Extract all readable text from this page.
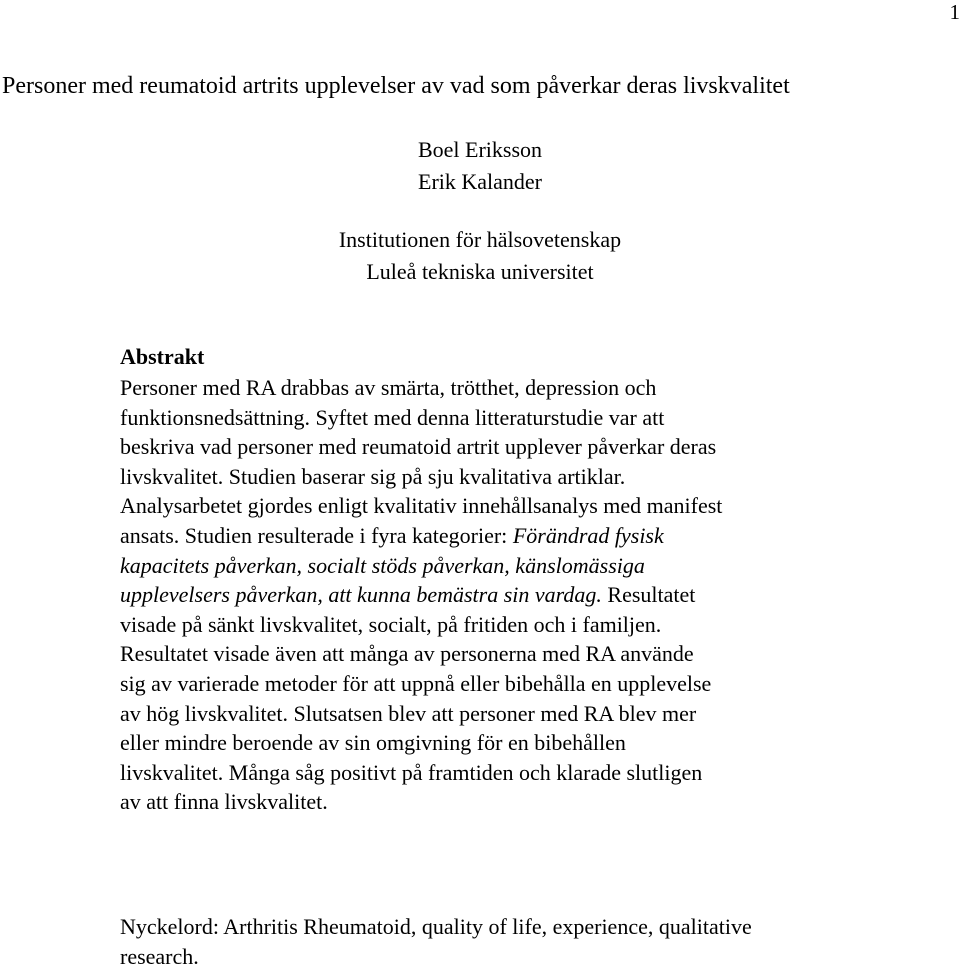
1
Personer med reumatoid artrits upplevelser av vad som påverkar deras livskvalitet
Boel Eriksson
Erik Kalander
Institutionen för hälsovetenskap
Luleå tekniska universitet
Abstrakt
Personer med RA drabbas av smärta, trötthet, depression och
funktionsnedsättning. Syftet med denna litteraturstudie var att
beskriva vad personer med reumatoid artrit upplever påverkar deras
livskvalitet. Studien baserar sig på sju kvalitativa artiklar.
Analysarbetet gjordes enligt kvalitativ innehållsanalys med manifest
ansats. Studien resulterade i fyra kategorier: Förändrad fysisk
kapacitets påverkan, socialt stöds påverkan, känslomässiga
upplevelsers påverkan, att kunna bemästra sin vardag. Resultatet
visade på sänkt livskvalitet, socialt, på fritiden och i familjen.
Resultatet visade även att många av personerna med RA använde
sig av varierade metoder för att uppnå eller bibehålla en upplevelse
av hög livskvalitet. Slutsatsen blev att personer med RA blev mer
eller mindre beroende av sin omgivning för en bibehållen
livskvalitet. Många såg positivt på framtiden och klarade slutligen
av att finna livskvalitet.
Nyckelord: Arthritis Rheumatoid, quality of life, experience, qualitative
research.
